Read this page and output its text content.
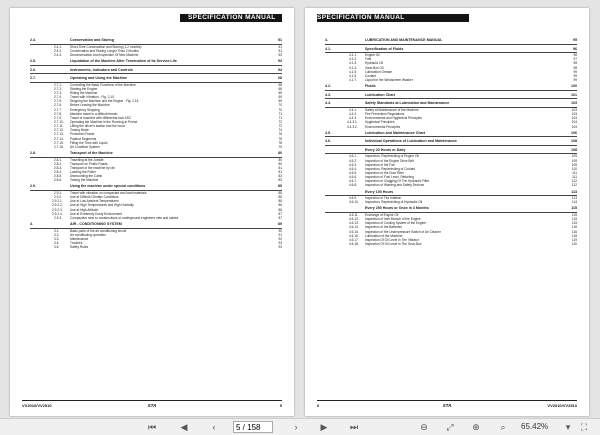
SPECIFICATION MANUAL
2.4.	Conservation and Storing	51
2.4.1.	Short-Time Conservation and Storing (1-2 months)	51
2.4.2.	Conservation and Storing Longer Than 2 Months	51
2.4.3.	Deconservation And Inspection Of New Machine	53
2.5.	Liquidation of the Machine After Termination of Its Service Life	53
2.6.	Instruments, Indicators and Controls	54
2.7.	Operating and Using the Machine	68
2.7.1.	Controlling the Basic Functions of the Machine	68
2.7.2.	Starting the Engine	68
2.7.3.	Riding the Machine	69
2.7.4.	Travel with Vibration - Fig. 2.10	69
2.7.5.	Stopping the Machine and the Engine - Fig. 2.16	69
2.7.6.	Before Leaving the Machine	70
2.7.7.	Emergency Stopping	70
2.7.8.	Machine travel in a difficult terrain	71
2.7.9.	Travel of machine with differential lock ASC	71
2.7.10.	Operating the Machine in the Running-in Period	72
2.7.11.	Lifting the driver's station and the hood	72
2.7.12.	Towing Mode	74
2.7.13.	Protection Frame	76
2.7.14.	Padfoot Segments	76
2.7.15.	Filling the Tires with Liquid	78
2.7.16.	Air Condition System	79
2.8.	Transport of the Machine	80
2.8.1.	Travelling at the Jobsite	80
2.8.2.	Transport on Public Roads	80
2.8.3.	Transport of the machine by rail	81
2.8.4.	Loading the Roller	81
2.8.5.	Dismounting the Cabin	83
2.8.6.	Towing the Machine	83
2.9.	Using the machine under special conditions	85
2.9.1.	Travel with vibration on compacted and hard materials	85
2.9.2.	Use at Difficult Climatic Conditions	85
2.9.2.1.	Use at Low Ambient Temperatures	85
2.9.2.2.	Use at High Temperatures and High Humidity	86
2.9.2.3.	Use at High Altitude	86
2.9.2.4.	Use at Extremely Dusty Environment	87
2.9.3.	Compaction near to constructions or underground engineers nets and cables	87
3.	AIR - CONDITIONING SYSTEM	89
3.1.	Basic parts of the air conditioning circuit	90
3.2.	Air conditioning operation	91
3.3.	Maintenance	92
3.4.	Troubles	93
3.5.	Safety Rules	93
VV2010/VV2510	STA	5
SPECIFICATION MANUAL
4.	LUBRICATION AND MAINTENANCE MANUAL	95
4.1.	Specification of Fluids	96
4.1.1.	Engine Oil	96
4.1.2.	Fuel	97
4.1.3.	Hydraulic Oil	98
4.1.4.	Gear-Box Oil	98
4.1.5.	Lubrication Grease	99
4.1.6.	Coolant	99
4.1.7.	Liquid for the Windscreen Washer	99
4.2.	Fluids	100
4.3.	Lubrication Chart	101
4.4.	Safety Standards at Lubrication and Maintenance	103
4.4.1.	Safety at Maintenance of the Machine	103
4.4.2.	Fire Prevention Regulations	103
4.4.3.	Environmental and Hygienical Principles	104
4.4.3.1.	Hygienical Principles	104
4.4.3.2.	Environmental Principles	104
4.5.	Lubrication and Maintenance Chart	106
4.6.	Individual Operations of Lubrication and Maintenance	108
Every 20 Hours or Daily	108
4.6.1.	Inspection, Replenishing of Engine Oil	109
4.6.2.	Inspection of the Engine Drive Belt	109
4.6.3.	Inspection of the Fan	109
4.6.4.	Inspection, Replenishing of Coolant	110
4.6.5.	Inspection of the Dust Filter	111
4.6.6.	Inspection of Fuel Level, Refueling	111
4.6.7.	Inspection of Clogging Of The Hydraulic Filter	112
4.6.8.	Inspection of Warning and Safety Devices	112
Every 100 Hours	113
4.6.9.	Inspection of Tire Inflation	113
4.6.10.	Inspection, Replenishing of Hydraulic Oil	114
Every 250 Hours or Once in 3 Months	115
4.6.11.	Exchange of Engine Oil	115
4.6.12.	Inspection of Inlet Branch of the Engine	115
4.6.13.	Inspection of Cooling System of the Engine	115
4.6.14.	Inspection of the Batteries	116
4.6.15.	Inspection of the Underpressure Switch of Air Cleaner	116
4.6.16.	Lubrication of the Machine	118
4.6.17.	Inspection Of Oil Level In The Vibrator	119
4.6.18.	Inspection Of Oil Level In The Gear-Box	120
6	STA	VV2010/VV2510
⏮	◀	‹
5 / 158	›	▶ ⏭	⊖ ⤢ ⊕	⌕	65.42%	▾	⛶
